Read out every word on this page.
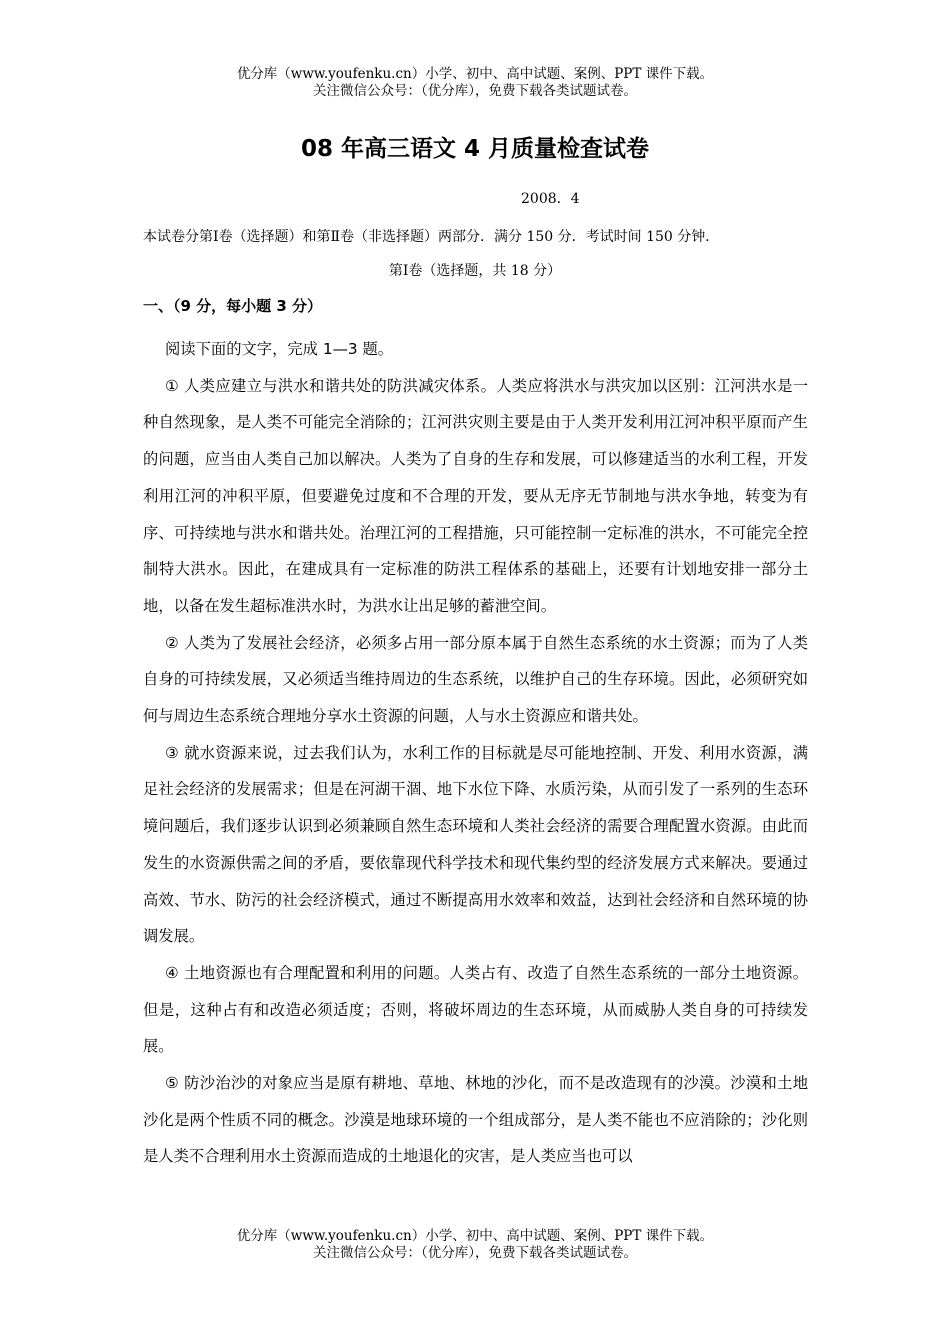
优分库（www.youfenku.cn）小学、初中、高中试题、案例、PPT 课件下载。
关注微信公众号：（优分库），免费下载各类试题试卷。
08 年高三语文 4 月质量检查试卷
2008．4
本试卷分第Ⅰ卷（选择题）和第Ⅱ卷（非选择题）两部分．满分 150 分．考试时间 150 分钟．
第Ⅰ卷（选择题，共 18 分）
一、（9 分，每小题 3 分）

阅读下面的文字，完成 1—3 题。

① 人类应建立与洪水和谐共处的防洪减灾体系。人类应将洪水与洪灾加以区别：江河洪水是一种自然现象，是人类不可能完全消除的；江河洪灾则主要是由于人类开发利用江河冲积平原而产生的问题，应当由人类自己加以解决。人类为了自身的生存和发展，可以修建适当的水利工程，开发利用江河的冲积平原，但要避免过度和不合理的开发，要从无序无节制地与洪水争地，转变为有序、可持续地与洪水和谐共处。治理江河的工程措施，只可能控制一定标准的洪水，不可能完全控制特大洪水。因此，在建成具有一定标准的防洪工程体系的基础上，还要有计划地安排一部分土地，以备在发生超标准洪水时，为洪水让出足够的蓄泄空间。

② 人类为了发展社会经济，必须多占用一部分原本属于自然生态系统的水土资源；而为了人类自身的可持续发展，又必须适当维持周边的生态系统，以维护自己的生存环境。因此，必须研究如何与周边生态系统合理地分享水土资源的问题，人与水土资源应和谐共处。

③ 就水资源来说，过去我们认为，水利工作的目标就是尽可能地控制、开发、利用水资源，满足社会经济的发展需求；但是在河湖干涸、地下水位下降、水质污染，从而引发了一系列的生态环境问题后，我们逐步认识到必须兼顾自然生态环境和人类社会经济的需要合理配置水资源。由此而发生的水资源供需之间的矛盾，要依靠现代科学技术和现代集约型的经济发展方式来解决。要通过高效、节水、防污的社会经济模式，通过不断提高用水效率和效益，达到社会经济和自然环境的协调发展。

④ 土地资源也有合理配置和利用的问题。人类占有、改造了自然生态系统的一部分土地资源。但是，这种占有和改造必须适度；否则，将破坏周边的生态环境，从而威胁人类自身的可持续发展。

⑤ 防沙治沙的对象应当是原有耕地、草地、林地的沙化，而不是改造现有的沙漠。沙漠和土地沙化是两个性质不同的概念。沙漠是地球环境的一个组成部分，是人类不能也不应消除的；沙化则是人类不合理利用水土资源而造成的土地退化的灾害，是人类应当也可以

优分库（www.youfenku.cn）小学、初中、高中试题、案例、PPT 课件下载。
关注微信公众号：（优分库），免费下载各类试题试卷。
